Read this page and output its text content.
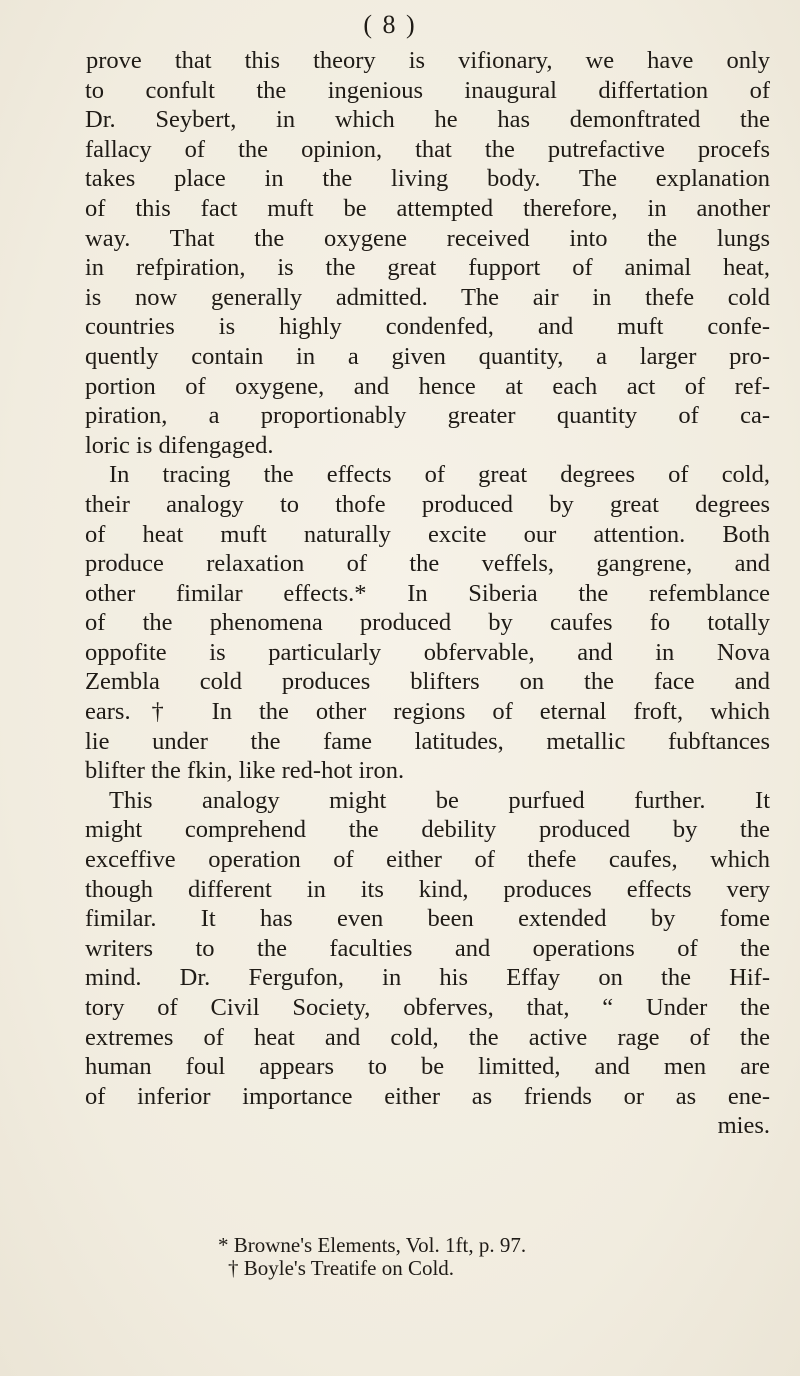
( 8 )
prove that this theory is vifionary, we have only
to confult the ingenious inaugural differtation of
Dr. Seybert, in which he has demonftrated the
fallacy of the opinion, that the putrefactive procefs
takes place in the living body. The explanation
of this fact muft be attempted therefore, in another
way. That the oxygene received into the lungs
in refpiration, is the great fupport of animal heat,
is now generally admitted. The air in thefe cold
countries is highly condenfed, and muft confe-
quently contain in a given quantity, a larger pro-
portion of oxygene, and hence at each act of ref-
piration, a proportionably greater quantity of ca-
loric is difengaged.
In tracing the effects of great degrees of cold,
their analogy to thofe produced by great degrees
of heat muft naturally excite our attention. Both
produce relaxation of the veffels, gangrene, and
other fimilar effects.* In Siberia the refemblance
of the phenomena produced by caufes fo totally
oppofite is particularly obfervable, and in Nova
Zembla cold produces blifters on the face and
ears.† In the other regions of eternal froft, which
lie under the fame latitudes, metallic fubftances
blifter the fkin, like red-hot iron.
This analogy might be purfued further. It
might comprehend the debility produced by the
exceffive operation of either of thefe caufes, which
though different in its kind, produces effects very
fimilar. It has even been extended by fome
writers to the faculties and operations of the
mind. Dr. Fergufon, in his Effay on the Hif-
tory of Civil Society, obferves, that, “ Under the
extremes of heat and cold, the active rage of the
human foul appears to be limitted, and men are
of inferior importance either as friends or as ene-
mies.
* Browne's Elements, Vol. 1ft, p. 97.
† Boyle's Treatife on Cold.
